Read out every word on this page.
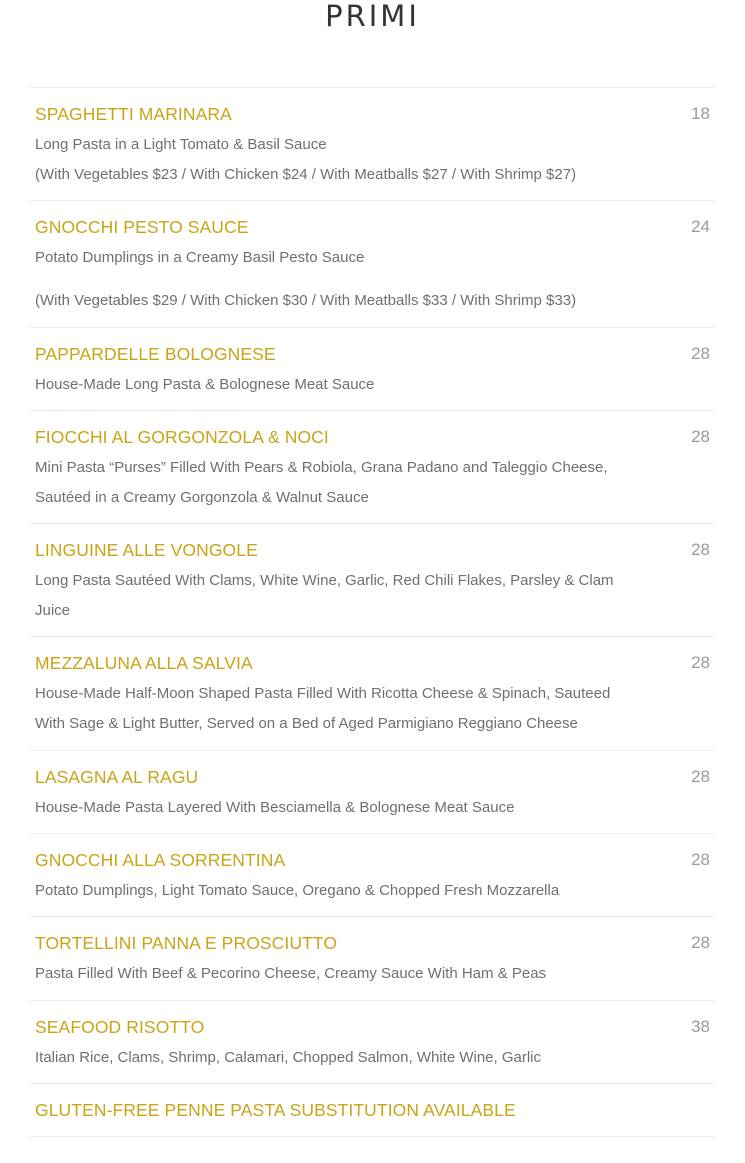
PRIMI
SPAGHETTI MARINARA	18
Long Pasta in a Light Tomato & Basil Sauce
(With Vegetables $23 / With Chicken $24 / With Meatballs $27 / With Shrimp $27)
GNOCCHI PESTO SAUCE	24
Potato Dumplings in a Creamy Basil Pesto Sauce
(With Vegetables $29 / With Chicken $30 / With Meatballs $33 / With Shrimp $33)
PAPPARDELLE BOLOGNESE	28
House-Made Long Pasta & Bolognese Meat Sauce
FIOCCHI AL GORGONZOLA & NOCI	28
Mini Pasta “Purses” Filled With Pears & Robiola, Grana Padano and Taleggio Cheese, Sautéed in a Creamy Gorgonzola & Walnut Sauce
LINGUINE ALLE VONGOLE	28
Long Pasta Sautéed With Clams, White Wine, Garlic, Red Chili Flakes, Parsley & Clam Juice
MEZZALUNA ALLA SALVIA	28
House-Made Half-Moon Shaped Pasta Filled With Ricotta Cheese & Spinach, Sauteed With Sage & Light Butter, Served on a Bed of Aged Parmigiano Reggiano Cheese
LASAGNA AL RAGU	28
House-Made Pasta Layered With Besciamella & Bolognese Meat Sauce
GNOCCHI ALLA SORRENTINA	28
Potato Dumplings, Light Tomato Sauce, Oregano & Chopped Fresh Mozzarella
TORTELLINI PANNA E PROSCIUTTO	28
Pasta Filled With Beef & Pecorino Cheese, Creamy Sauce With Ham & Peas
SEAFOOD RISOTTO	38
Italian Rice, Clams, Shrimp, Calamari, Chopped Salmon, White Wine, Garlic
GLUTEN-FREE PENNE PASTA SUBSTITUTION AVAILABLE
